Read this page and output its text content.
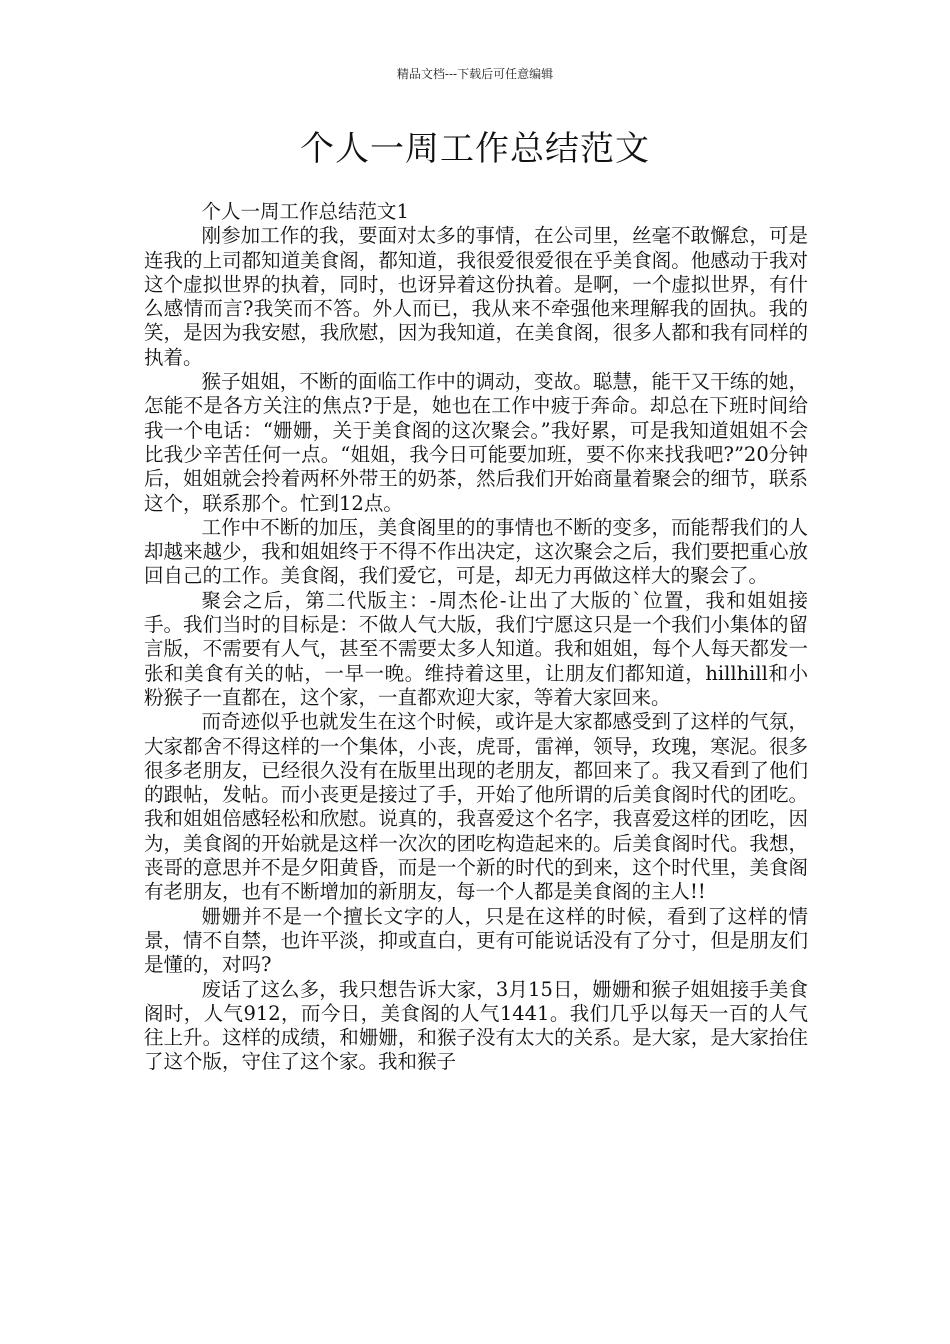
精品文档---下载后可任意编辑
个人一周工作总结范文

个人一周工作总结范文1

刚参加工作的我，要面对太多的事情，在公司里，丝毫不敢懈怠，可是连我的上司都知道美食阁，都知道，我很爱很爱很在乎美食阁。他感动于我对这个虚拟世界的执着，同时，也讶异着这份执着。是啊，一个虚拟世界，有什么感情而言?我笑而不答。外人而已，我从来不牵强他来理解我的固执。我的笑，是因为我安慰，我欣慰，因为我知道，在美食阁，很多人都和我有同样的执着。

猴子姐姐，不断的面临工作中的调动，变故。聪慧，能干又干练的她，怎能不是各方关注的焦点?于是，她也在工作中疲于奔命。却总在下班时间给我一个电话：“姗姗，关于美食阁的这次聚会。”我好累，可是我知道姐姐不会比我少辛苦任何一点。“姐姐，我今日可能要加班，要不你来找我吧?”20分钟后，姐姐就会拎着两杯外带王的奶茶，然后我们开始商量着聚会的细节，联系这个，联系那个。忙到12点。

工作中不断的加压，美食阁里的的事情也不断的变多，而能帮我们的人却越来越少，我和姐姐终于不得不作出决定，这次聚会之后，我们要把重心放回自己的工作。美食阁，我们爱它，可是，却无力再做这样大的聚会了。

聚会之后，第二代版主：-周杰伦-让出了大版的`位置，我和姐姐接手。我们当时的目标是：不做人气大版，我们宁愿这只是一个我们小集体的留言版，不需要有人气，甚至不需要太多人知道。我和姐姐，每个人每天都发一张和美食有关的帖，一早一晚。维持着这里，让朋友们都知道，hillhill和小粉猴子一直都在，这个家，一直都欢迎大家，等着大家回来。

而奇迹似乎也就发生在这个时候，或许是大家都感受到了这样的气氛，大家都舍不得这样的一个集体，小丧，虎哥，雷禅，领导，玫瑰，寒泥。很多很多老朋友，已经很久没有在版里出现的老朋友，都回来了。我又看到了他们的跟帖，发帖。而小丧更是接过了手，开始了他所谓的后美食阁时代的团吃。我和姐姐倍感轻松和欣慰。说真的，我喜爱这个名字，我喜爱这样的团吃，因为，美食阁的开始就是这样一次次的团吃构造起来的。后美食阁时代。我想，丧哥的意思并不是夕阳黄昏，而是一个新的时代的到来，这个时代里，美食阁有老朋友，也有不断增加的新朋友，每一个人都是美食阁的主人!!

姗姗并不是一个擅长文字的人，只是在这样的时候，看到了这样的情景，情不自禁，也许平淡，抑或直白，更有可能说话没有了分寸，但是朋友们是懂的，对吗?

废话了这么多，我只想告诉大家，3月15日，姗姗和猴子姐姐接手美食阁时，人气912，而今日，美食阁的人气1441。我们几乎以每天一百的人气往上升。这样的成绩，和姗姗，和猴子没有太大的关系。是大家，是大家抬住了这个版，守住了这个家。我和猴子
